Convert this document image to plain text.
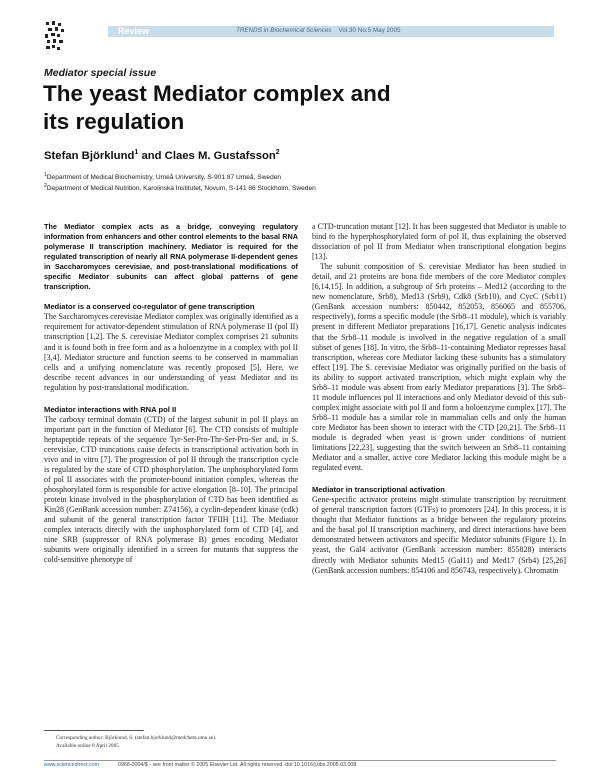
Review	TRENDS in Biochemical Sciences Vol.30 No.5 May 2005
Mediator special issue
The yeast Mediator complex and
its regulation
Stefan Björklund$^1$ and Claes M. Gustafsson$^2$
$^1$Department of Medical Biochemistry, Umeå University, S-901 87 Umeå, Sweden
$^2$Department of Medical Nutrition, Karolinska Institutet, Novum, S-141 86 Stockholm, Sweden

The Mediator complex acts as a bridge, conveying regulatory information from enhancers and other control elements to the basal RNA polymerase II transcription machinery. Mediator is required for the regulated transcription of nearly all RNA polymerase II-dependent genes in Saccharomyces cerevisiae, and post-translational modifications of specific Mediator subunits can affect global patterns of gene transcription.

Mediator is a conserved co-regulator of gene transcription

The Saccharomyces cerevisiae Mediator complex was originally identified as a requirement for activator-dependent stimulation of RNA polymerase II (pol II) transcription [1,2]. The S. cerevisiae Mediator complex comprises 21 subunits and it is found both in free form and as a holoenzyme in a complex with pol II [3,4]. Mediator structure and function seems to be conserved in mammalian cells and a unifying nomenclature was recently proposed [5]. Here, we describe recent advances in our understanding of yeast Mediator and its regulation by post-translational modification.

Mediator interactions with RNA pol II

The carboxy terminal domain (CTD) of the largest subunit in pol II plays an important part in the function of Mediator [6]. The CTD consists of multiple heptapeptide repeats of the sequence Tyr-Ser-Pro-Thr-Ser-Pro-Ser and, in S. cerevisiae, CTD truncations cause defects in transcriptional activation both in vivo and in vitro [7]. The progression of pol II through the transcription cycle is regulated by the state of CTD phosphorylation. The unphosphorylated form of pol II associates with the promoter-bound initiation complex, whereas the phosphorylated form is responsible for active elongation [8–10]. The principal protein kinase involved in the phosphorylation of CTD has been identified as Kin28 (GenBank accession number: Z74156), a cyclin-dependent kinase (cdk) and subunit of the general transcription factor TFIIH [11]. The Mediator complex interacts directly with the unphosphorylated form of CTD [4], and nine SRB (suppressor of RNA polymerase B) genes encoding Mediator subunits were originally identified in a screen for mutants that suppress the cold-sensitive phenotype of

a CTD-truncation mutant [12]. It has been suggested that Mediator is unable to bind to the hyperphosphorylated form of pol II, thus explaining the observed dissociation of pol II from Mediator when transcriptional elongation begins [13].

The subunit composition of S. cerevisiae Mediator has been studied in detail, and 21 proteins are bona fide members of the core Mediator complex [6,14,15]. In addition, a subgroup of Srb proteins – Med12 (according to the new nomenclature, Srb8), Med13 (Srb9), Cdk8 (Srb10), and CycC (Srb11) (GenBank accession numbers: 850442, 852053, 856065 and 855706, respectively), forms a specific module (the Srb8–11 module), which is variably present in different Mediator preparations [16,17]. Genetic analysis indicates that the Srb8–11 module is involved in the negative regulation of a small subset of genes [18]. In vitro, the Srb8–11-containing Mediator represses basal transcription, whereas core Mediator lacking these subunits has a stimulatory effect [19]. The S. cerevisiae Mediator was originally purified on the basis of its ability to support activated transcription, which might explain why the Srb8–11 module was absent from early Mediator preparations [3]. The Srb8–11 module influences pol II interactions and only Mediator devoid of this sub-complex might associate with pol II and form a holoenzyme complex [17]. The Srb8–11 module has a similar role in mammalian cells and only the human core Mediator has been shown to interact with the CTD [20,21]. The Srb8–11 module is degraded when yeast is grown under conditions of nutrient limitations [22,23], suggesting that the switch between an Srb8–11 containing Mediator and a smaller, active core Mediator lacking this module might be a regulated event.

Mediator in transcriptional activation

Gene-specific activator proteins might stimulate transcription by recruitment of general transcription factors (GTFs) to promoters [24]. In this process, it is thought that Mediator functions as a bridge between the regulatory proteins and the basal pol II transcription machinery, and direct interactions have been demonstrated between activators and specific Mediator subunits (Figure 1). In yeast, the Gal4 activator (GenBank accession number: 855828) interacts directly with Mediator subunits Med15 (Gal11) and Med17 (Srb4) [25,26] (GenBank accession numbers: 854106 and 856743, respectively). Chromatin

Corresponding author: Björklund, S. (stefan.bjorklund@medchem.umu.se).
Available online 8 April 2005
www.sciencedirect.com	0968-0004/$ - see front matter © 2005 Elsevier Ltd. All rights reserved. doi:10.1016/j.tibs.2005.03.008
